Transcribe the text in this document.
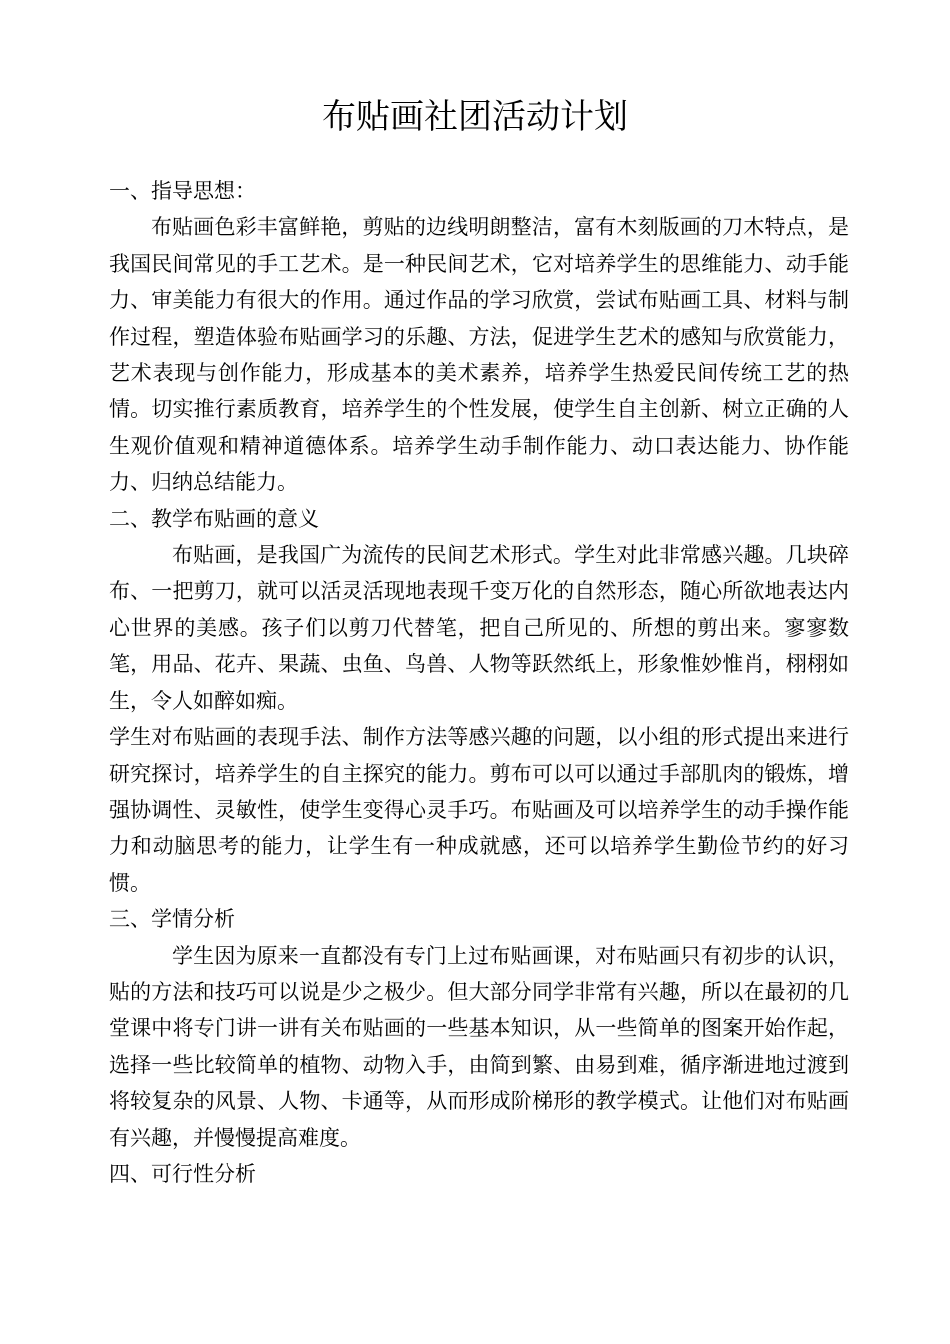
布贴画社团活动计划

一、指导思想：

布贴画色彩丰富鲜艳，剪贴的边线明朗整洁，富有木刻版画的刀木特点，是我国民间常见的手工艺术。是一种民间艺术，它对培养学生的思维能力、动手能力、审美能力有很大的作用。通过作品的学习欣赏，尝试布贴画工具、材料与制作过程，塑造体验布贴画学习的乐趣、方法，促进学生艺术的感知与欣赏能力，艺术表现与创作能力，形成基本的美术素养，培养学生热爱民间传统工艺的热情。切实推行素质教育，培养学生的个性发展，使学生自主创新、树立正确的人生观价值观和精神道德体系。培养学生动手制作能力、动口表达能力、协作能力、归纳总结能力。

二、教学布贴画的意义

布贴画，是我国广为流传的民间艺术形式。学生对此非常感兴趣。几块碎布、一把剪刀，就可以活灵活现地表现千变万化的自然形态，随心所欲地表达内心世界的美感。孩子们以剪刀代替笔，把自己所见的、所想的剪出来。寥寥数笔，用品、花卉、果蔬、虫鱼、鸟兽、人物等跃然纸上，形象惟妙惟肖，栩栩如生，令人如醉如痴。

学生对布贴画的表现手法、制作方法等感兴趣的问题，以小组的形式提出来进行研究探讨，培养学生的自主探究的能力。剪布可以可以通过手部肌肉的锻炼，增强协调性、灵敏性，使学生变得心灵手巧。布贴画及可以培养学生的动手操作能力和动脑思考的能力，让学生有一种成就感，还可以培养学生勤俭节约的好习惯。

三、学情分析

学生因为原来一直都没有专门上过布贴画课，对布贴画只有初步的认识，贴的方法和技巧可以说是少之极少。但大部分同学非常有兴趣，所以在最初的几堂课中将专门讲一讲有关布贴画的一些基本知识，从一些简单的图案开始作起，选择一些比较简单的植物、动物入手，由简到繁、由易到难，循序渐进地过渡到将较复杂的风景、人物、卡通等，从而形成阶梯形的教学模式。让他们对布贴画有兴趣，并慢慢提高难度。

四、可行性分析
